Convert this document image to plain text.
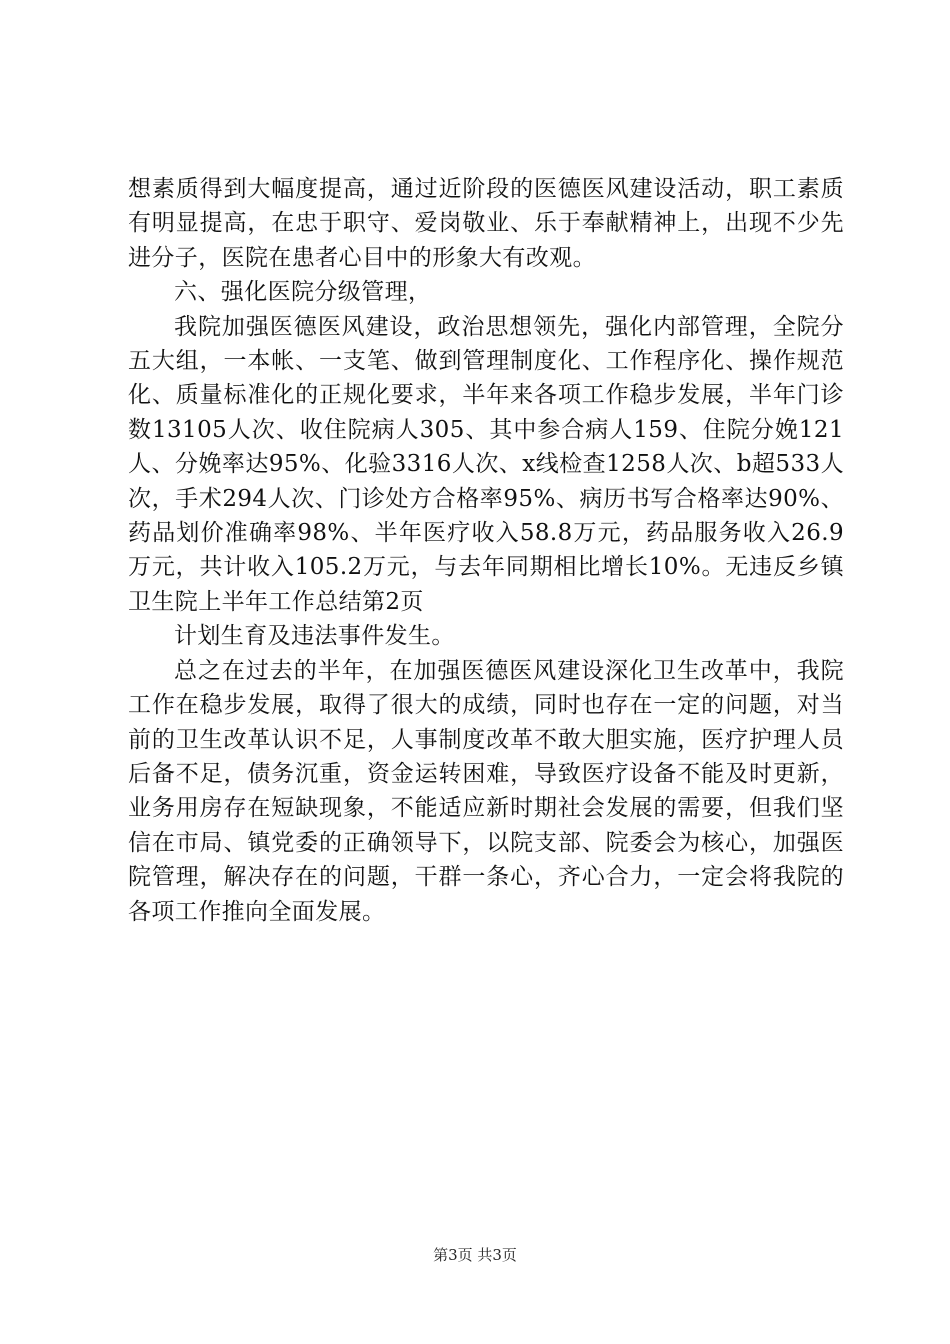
想素质得到大幅度提高，通过近阶段的医德医风建设活动，职工素质有明显提高，在忠于职守、爱岗敬业、乐于奉献精神上，出现不少先进分子，医院在患者心目中的形象大有改观。

六、强化医院分级管理，

我院加强医德医风建设，政治思想领先，强化内部管理，全院分五大组，一本帐、一支笔、做到管理制度化、工作程序化、操作规范化、质量标准化的正规化要求，半年来各项工作稳步发展，半年门诊数13105人次、收住院病人305、其中参合病人159、住院分娩121人、分娩率达95%、化验3316人次、x线检查1258人次、b超533人次，手术294人次、门诊处方合格率95%、病历书写合格率达90%、药品划价准确率98%、半年医疗收入58.8万元，药品服务收入26.9万元，共计收入105.2万元，与去年同期相比增长10%。无违反乡镇卫生院上半年工作总结第2页

计划生育及违法事件发生。

总之在过去的半年，在加强医德医风建设深化卫生改革中，我院工作在稳步发展，取得了很大的成绩，同时也存在一定的问题，对当前的卫生改革认识不足，人事制度改革不敢大胆实施，医疗护理人员后备不足，债务沉重，资金运转困难，导致医疗设备不能及时更新，业务用房存在短缺现象，不能适应新时期社会发展的需要，但我们坚信在市局、镇党委的正确领导下，以院支部、院委会为核心，加强医院管理，解决存在的问题，干群一条心，齐心合力，一定会将我院的各项工作推向全面发展。

第3页 共3页
